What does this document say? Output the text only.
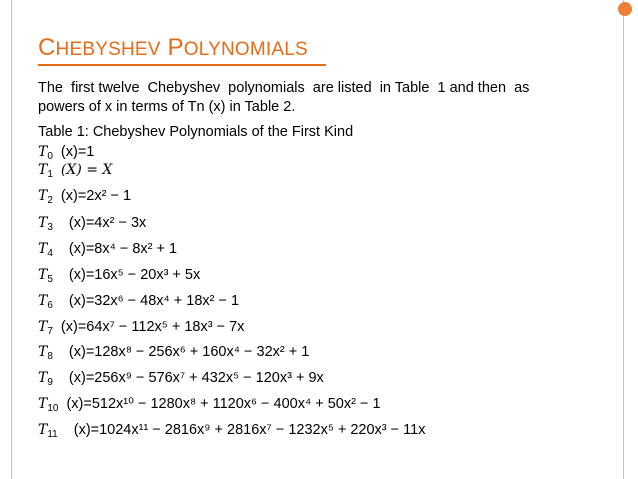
CHEBYSHEV POLYNOMIALS
The  first twelve  Chebyshev  polynomials  are listed  in Table  1 and then  as powers of x in terms of Tn (x) in Table 2.
Table 1: Chebyshev Polynomials of the First Kind
$T_0$ (x)=1
$T_1$ (X) = X
$T_2$ (x)=2x² − 1
$T_3$ (x)=4x² − 3x
$T_4$ (x)=8x⁴ − 8x² + 1
$T_5$ (x)=16x⁵ − 20x³ + 5x
$T_6$ (x)=32x⁶ − 48x⁴ + 18x² − 1
$T_7$ (x)=64x⁷ − 112x⁵ + 18x³ − 7x
$T_8$ (x)=128x⁸ − 256x⁶ + 160x⁴ − 32x² + 1
$T_9$ (x)=256x⁹ − 576x⁷ + 432x⁵ − 120x³ + 9x
$T_{10}$ (x)=512x¹⁰ − 1280x⁸ + 1120x⁶ − 400x⁴ + 50x² − 1
$T_{11}$ (x)=1024x¹¹ − 2816x⁹ + 2816x⁷ − 1232x⁵ + 220x³ − 11x
